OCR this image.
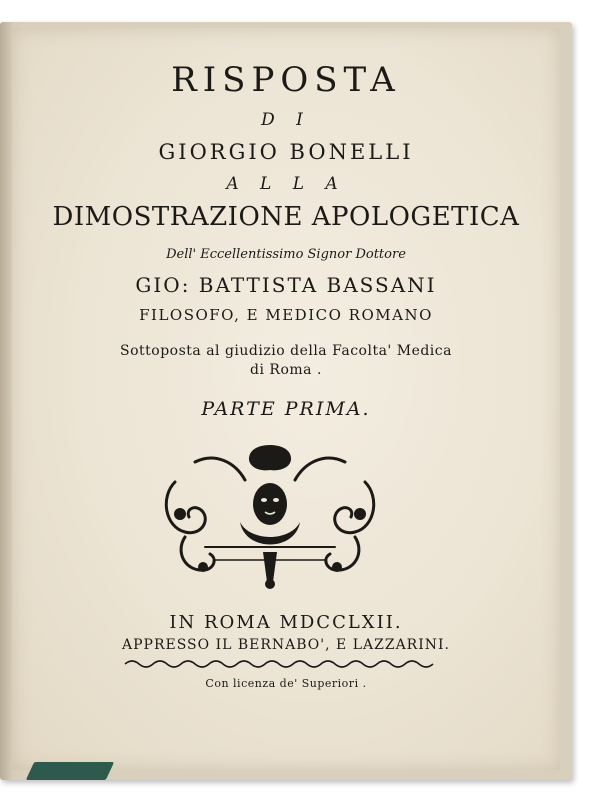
RISPOSTA
D I
GIORGIO BONELLI
A L L A
DIMOSTRAZIONE APOLOGETICA
Dell' Eccellentissimo Signor Dottore
GIO: BATTISTA BASSANI
FILOSOFO, E MEDICO ROMANO
Sottoposta al giudizio della Facolta' Medica
di Roma .
PARTE PRIMA.
IN ROMA MDCCLXII.
APPRESSO IL BERNABO', E LAZZARINI.
Con licenza de' Superiori .
